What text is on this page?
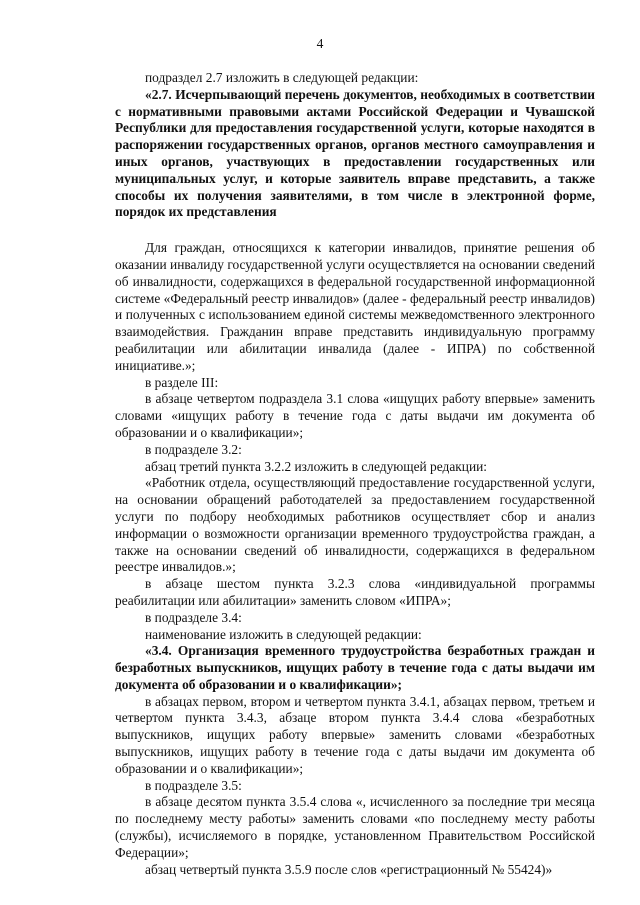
4

подраздел 2.7 изложить в следующей редакции:

«2.7. Исчерпывающий перечень документов, необходимых в соответствии с нормативными правовыми актами Российской Федерации и Чувашской Республики для предоставления государственной услуги, которые находятся в распоряжении государственных органов, органов местного самоуправления и иных органов, участвующих в предоставлении государственных или муниципальных услуг, и которые заявитель вправе представить, а также способы их получения заявителями, в том числе в электронной форме, порядок их представления

Для граждан, относящихся к категории инвалидов, принятие решения об оказании инвалиду государственной услуги осуществляется на основании сведений об инвалидности, содержащихся в федеральной государственной информационной системе «Федеральный реестр инвалидов» (далее - федеральный реестр инвалидов) и полученных с использованием единой системы межведомственного электронного взаимодействия. Гражданин вправе представить индивидуальную программу реабилитации или абилитации инвалида (далее - ИПРА) по собственной инициативе.»;

в разделе III:

в абзаце четвертом подраздела 3.1 слова «ищущих работу впервые» заменить словами «ищущих работу в течение года с даты выдачи им документа об образовании и о квалификации»;

в подразделе 3.2:

абзац третий пункта 3.2.2 изложить в следующей редакции:

«Работник отдела, осуществляющий предоставление государственной услуги, на основании обращений работодателей за предоставлением государственной услуги по подбору необходимых работников осуществляет сбор и анализ информации о возможности организации временного трудоустройства граждан, а также на основании сведений об инвалидности, содержащихся в федеральном реестре инвалидов.»;

в абзаце шестом пункта 3.2.3 слова «индивидуальной программы реабилитации или абилитации» заменить словом «ИПРА»;

в подразделе 3.4:

наименование изложить в следующей редакции:

«3.4. Организация временного трудоустройства безработных граждан и безработных выпускников, ищущих работу в течение года с даты выдачи им документа об образовании и о квалификации»;

в абзацах первом, втором и четвертом пункта 3.4.1, абзацах первом, третьем и четвертом пункта 3.4.3, абзаце втором пункта 3.4.4 слова «безработных выпускников, ищущих работу впервые» заменить словами «безработных выпускников, ищущих работу в течение года с даты выдачи им документа об образовании и о квалификации»;

в подразделе 3.5:

в абзаце десятом пункта 3.5.4 слова «, исчисленного за последние три месяца по последнему месту работы» заменить словами «по последнему месту работы (службы), исчисляемого в порядке, установленном Правительством Российской Федерации»;

абзац четвертый пункта 3.5.9 после слов «регистрационный № 55424)»
